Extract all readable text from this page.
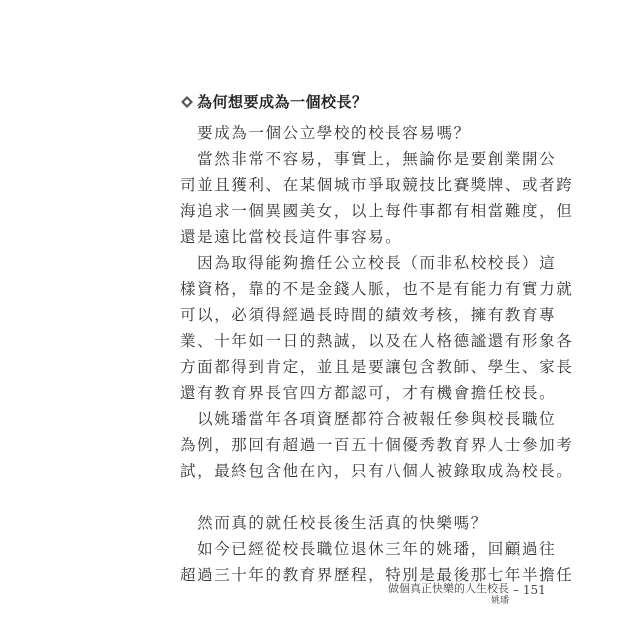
為何想要成為一個校長？
　要成為一個公立學校的校長容易嗎？
　當然非常不容易，事實上，無論你是要創業開公
司並且獲利、在某個城市爭取競技比賽獎牌、或者跨
海追求一個異國美女，以上每件事都有相當難度，但
還是遠比當校長這件事容易。
　因為取得能夠擔任公立校長（而非私校校長）這
樣資格，靠的不是金錢人脈，也不是有能力有實力就
可以，必須得經過長時間的績效考核，擁有教育專
業、十年如一日的熱誠，以及在人格德謐還有形象各
方面都得到肯定，並且是要讓包含教師、學生、家長
還有教育界長官四方都認可，才有機會擔任校長。
　以姚璠當年各項資歷都符合被報任參與校長職位
為例，那回有超過一百五十個優秀教育界人士參加考
試，最終包含他在內，只有八個人被錄取成為校長。
　然而真的就任校長後生活真的快樂嗎？
　如今已經從校長職位退休三年的姚璠，回顧過往
超過三十年的教育界歷程，特別是最後那七年半擔任
做個真正快樂的人生校長
姚璠
– 151
